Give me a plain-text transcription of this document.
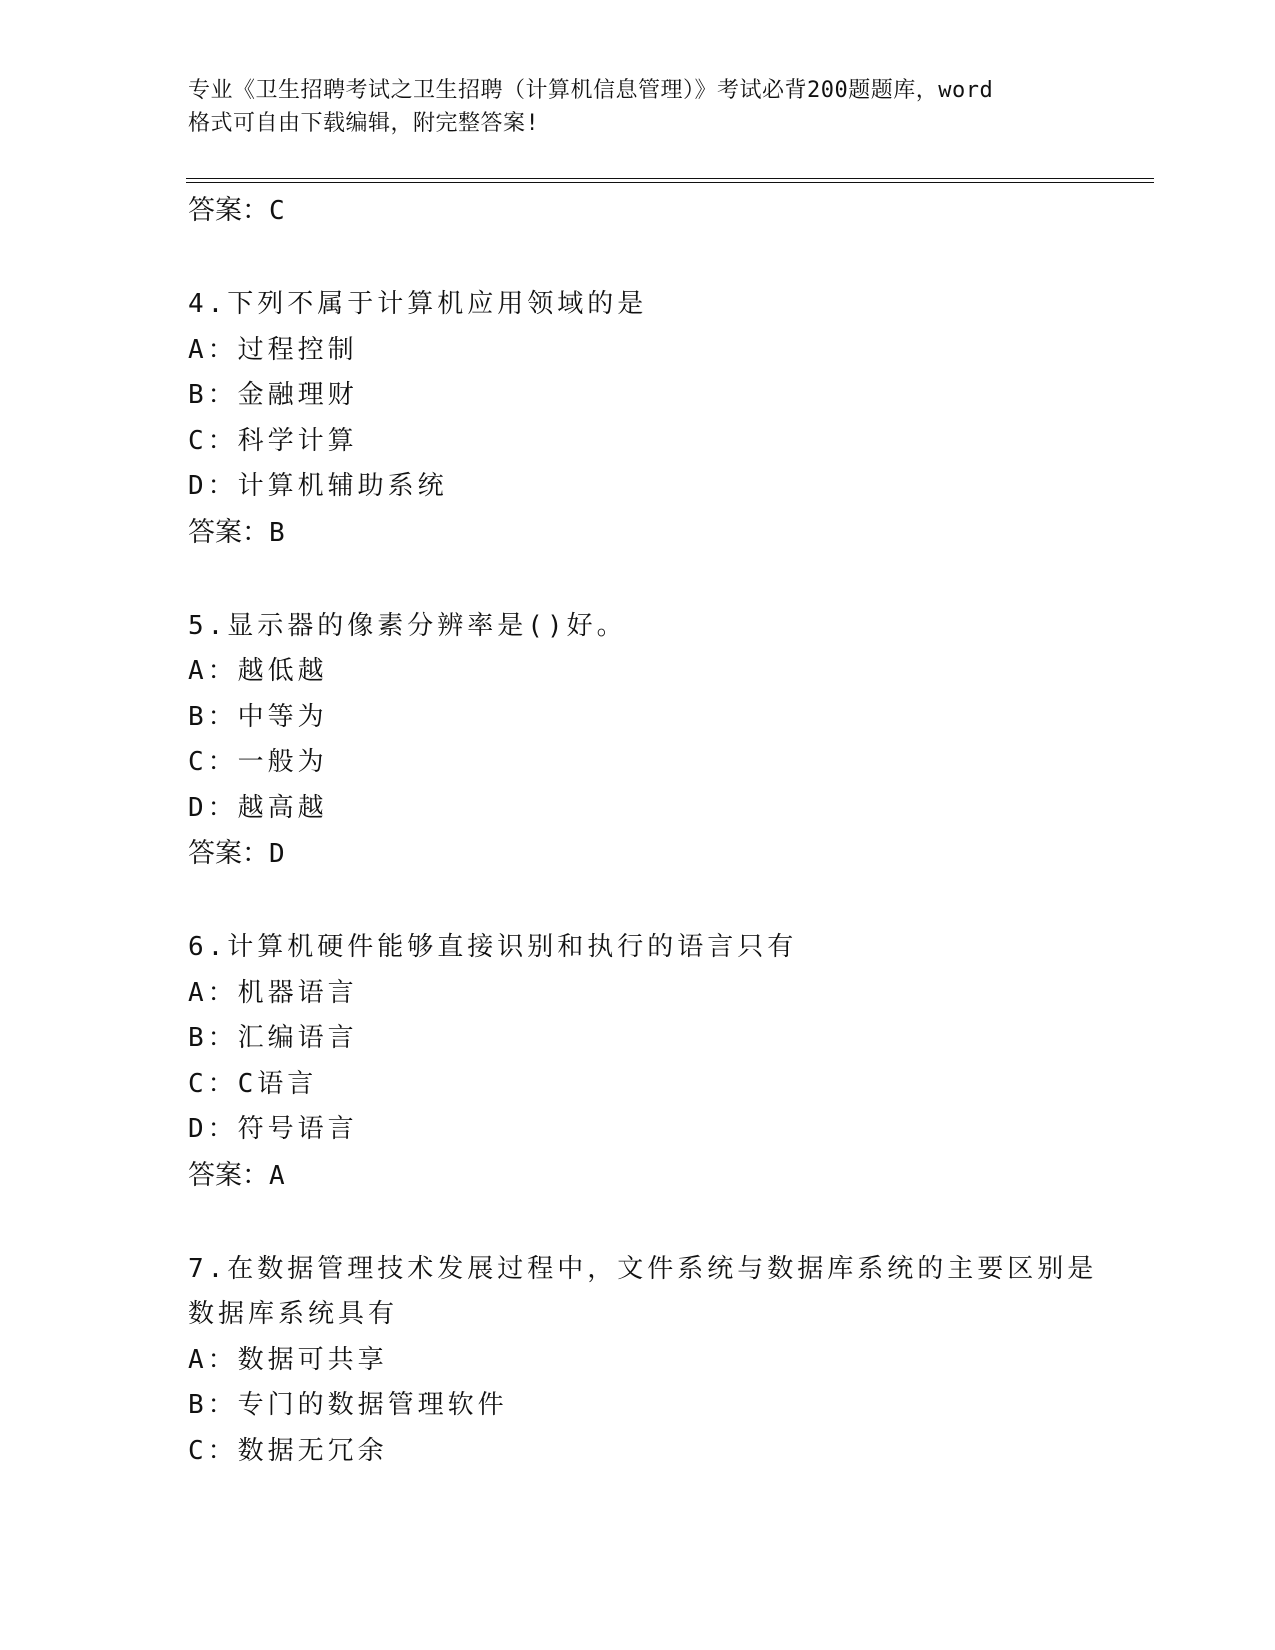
专业《卫生招聘考试之卫生招聘（计算机信息管理）》考试必背200题题库，word
格式可自由下载编辑，附完整答案!
答案：C
4.下列不属于计算机应用领域的是
A：过程控制
B：金融理财
C：科学计算
D：计算机辅助系统
答案：B
5.显示器的像素分辨率是()好。
A：越低越
B：中等为
C：一般为
D：越高越
答案：D
6.计算机硬件能够直接识别和执行的语言只有
A：机器语言
B：汇编语言
C：C语言
D：符号语言
答案：A
7.在数据管理技术发展过程中，文件系统与数据库系统的主要区别是
数据库系统具有
A：数据可共享
B：专门的数据管理软件
C：数据无冗余
